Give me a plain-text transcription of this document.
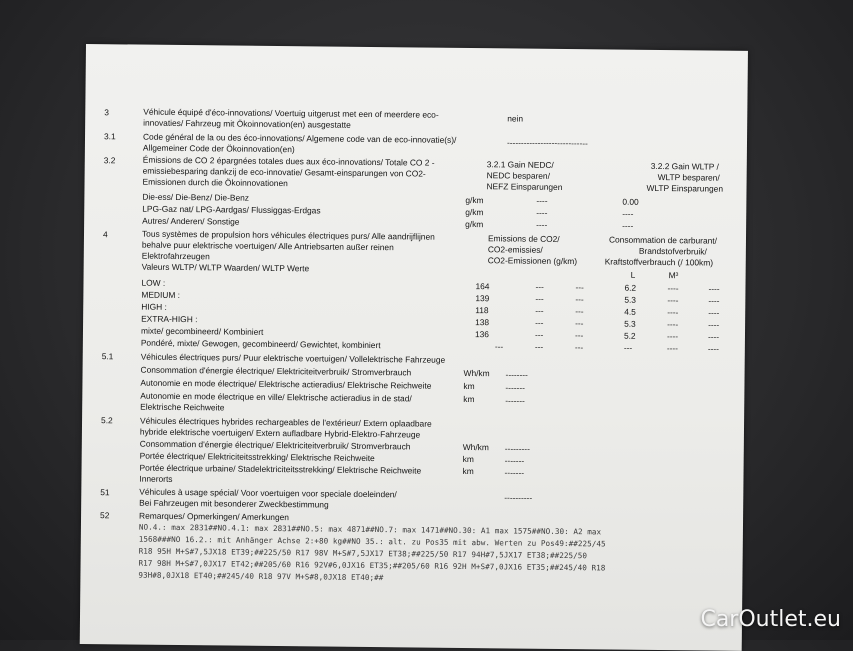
3	Véhicule équipé d'éco-innovations/ Voertuig uitgerust met een of meerdere eco-
innovaties/ Fahrzeug mit Ökoinnovation(en) ausgestatte	nein
3.1	Code général de la ou des éco-innovations/ Algemene code van de eco-innovatie(s)/
Allgemeiner Code der Ökoinnovation(en)	-----------------------------
3.2	Émissions de CO 2 épargnées totales dues aux éco-innovations/ Totale CO 2 -
emissiebesparing dankzij de eco-innovatie/ Gesamt-einsparungen von CO2-
Emissionen durch die Ökoinnovationen
3.2.1 Gain NEDC/
NEDC besparen/
NEFZ Einsparungen
3.2.2 Gain WLTP /
WLTP besparen/
WLTP Einsparungen
Die-ess/ Die-Benz/ Die-Benz	g/km	----	0.00
LPG-Gaz nat/ LPG-Aardgas/ Flussiggas-Erdgas	g/km	----	----
Autres/ Anderen/ Sonstige	g/km	----	----
4	Tous systèmes de propulsion hors véhicules électriques purs/ Alle aandrijflijnen
behalve puur elektrische voertuigen/ Alle Antriebsarten außer reinen
Elektrofahrzeugen
Valeurs WLTP/ WLTP Waarden/ WLTP Werte
Emissions de CO2/
CO2-emissies/
CO2-Emissionen (g/km)
Consommation de carburant/
Brandstofverbruik/
Kraftstoffverbrauch (/ 100km)
L	M³
LOW :	164	---	---	6.2	----	----
MEDIUM :	139	---	---	5.3	----	----
HIGH :	118	---	---	4.5	----	----
EXTRA-HIGH :	138	---	---	5.3	----	----
mixte/ gecombineerd/ Kombiniert	136	---	---	5.2	----	----
Pondéré, mixte/ Gewogen, gecombineerd/ Gewichtet, kombiniert	---	---	---	---	----	----
5.1	Véhicules électriques purs/ Puur elektrische voertuigen/ Vollelektrische Fahrzeuge
Consommation d'énergie électrique/ Elektriciteitverbruik/ Stromverbrauch	Wh/km --------
Autonomie en mode électrique/ Elektrische actieradius/ Elektrische Reichweite	km	-------
Autonomie en mode électrique en ville/ Elektrische actieradius in de stad/
Elektrische Reichweite
km	-------
5.2	Véhicules électriques hybrides rechargeables de l'extérieur/ Extern oplaadbare
hybride elektrische voertuigen/ Extern aufladbare Hybrid-Elektro-Fahrzeuge
Consommation d'énergie électrique/ Elektriciteitverbruik/ Stromverbrauch	Wh/km ---------
Portée électrique/ Elektriciteitsstrekking/ Elektrische Reichweite	km	-------
Portée électrique urbaine/ Stadelektriciteitsstrekking/ Elektrische Reichweite
Innerorts
km	-------
51	Véhicules à usage spécial/ Voor voertuigen voor speciale doeleinden/
Bei Fahrzeugen mit besonderer Zweckbestimmung
----------
52	Remarques/ Opmerkingen/ Amerkungen
NO.4.: max 2831##NO.4.1: max 2831##NO.5: max 4871##NO.7: max 1471##NO.30: A1 max 1575##NO.30: A2 max
1568###NO 16.2.: mit Anhänger Achse 2:+80 kg##NO 35.: alt. zu Pos35 mit abw. Werten zu Pos49:##225/45
R18 95H M+S#7,5JX18 ET39;##225/50 R17 98V M+S#7,5JX17 ET38;##225/50 R17 94H#7,5JX17 ET38;##225/50
R17 98H M+S#7,0JX17 ET42;##205/60 R16 92V#6,0JX16 ET35;##205/60 R16 92H M+S#7,0JX16 ET35;##245/40 R18
93H#8,0JX18 ET40;##245/40 R18 97V M+S#8,0JX18 ET40;##
CarOutlet.eu
